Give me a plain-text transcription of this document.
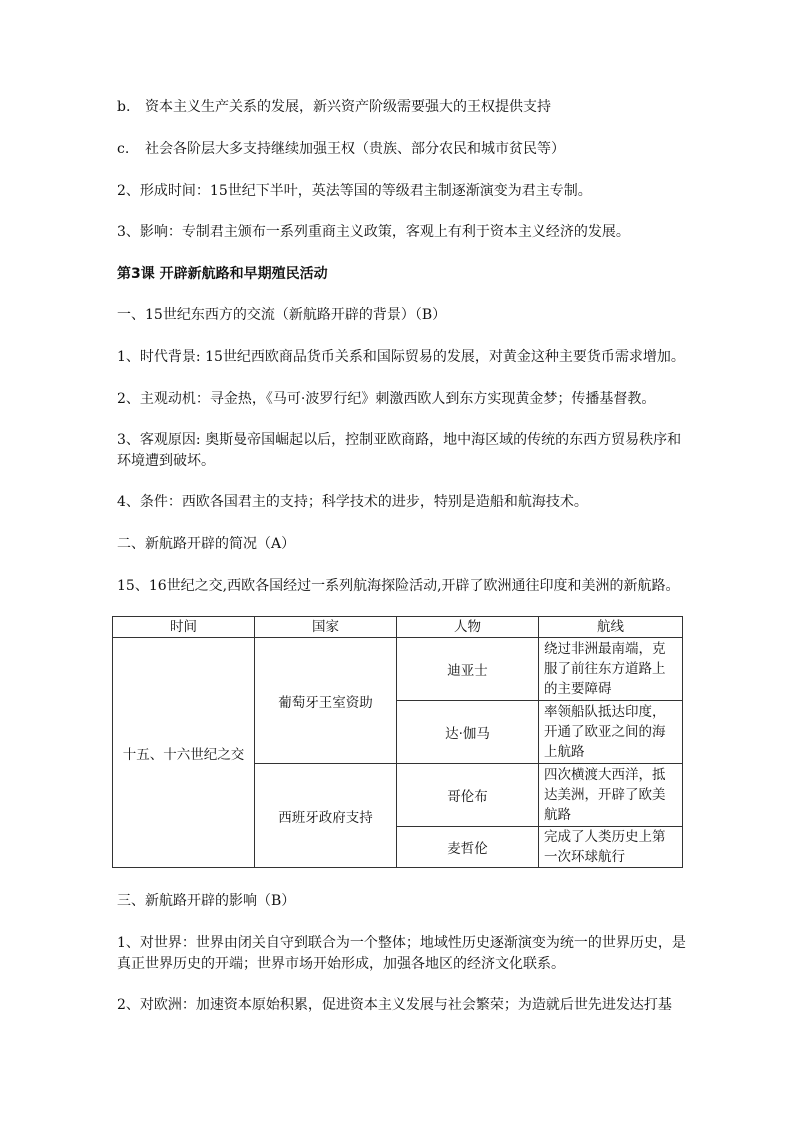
b. 资本主义生产关系的发展，新兴资产阶级需要强大的王权提供支持
c. 社会各阶层大多支持继续加强王权（贵族、部分农民和城市贫民等）
2、形成时间：15世纪下半叶，英法等国的等级君主制逐渐演变为君主专制。
3、影响：专制君主颁布一系列重商主义政策，客观上有利于资本主义经济的发展。
第3课 开辟新航路和早期殖民活动
一、15世纪东西方的交流（新航路开辟的背景）（B）
1、时代背景: 15世纪西欧商品货币关系和国际贸易的发展，对黄金这种主要货币需求增加。
2、主观动机：寻金热，《马可·波罗行纪》刺激西欧人到东方实现黄金梦；传播基督教。
3、客观原因: 奥斯曼帝国崛起以后，控制亚欧商路，地中海区域的传统的东西方贸易秩序和环境遭到破坏。
4、条件：西欧各国君主的支持；科学技术的进步，特别是造船和航海技术。
二、新航路开辟的简况（A）
15、16世纪之交,西欧各国经过一系列航海探险活动,开辟了欧洲通往印度和美洲的新航路。
时间	国家	人物	航线
十五、十六世纪之交	葡萄牙王室资助	迪亚士	绕过非洲最南端，克服了前往东方道路上的主要障碍
		达·伽马	率领船队抵达印度，开通了欧亚之间的海上航路
	西班牙政府支持	哥伦布	四次横渡大西洋，抵达美洲，开辟了欧美航路
		麦哲伦	完成了人类历史上第一次环球航行
三、新航路开辟的影响（B）
1、对世界：世界由闭关自守到联合为一个整体；地域性历史逐渐演变为统一的世界历史，是真正世界历史的开端；世界市场开始形成，加强各地区的经济文化联系。
2、对欧洲：加速资本原始积累，促进资本主义发展与社会繁荣；为造就后世先进发达打基
